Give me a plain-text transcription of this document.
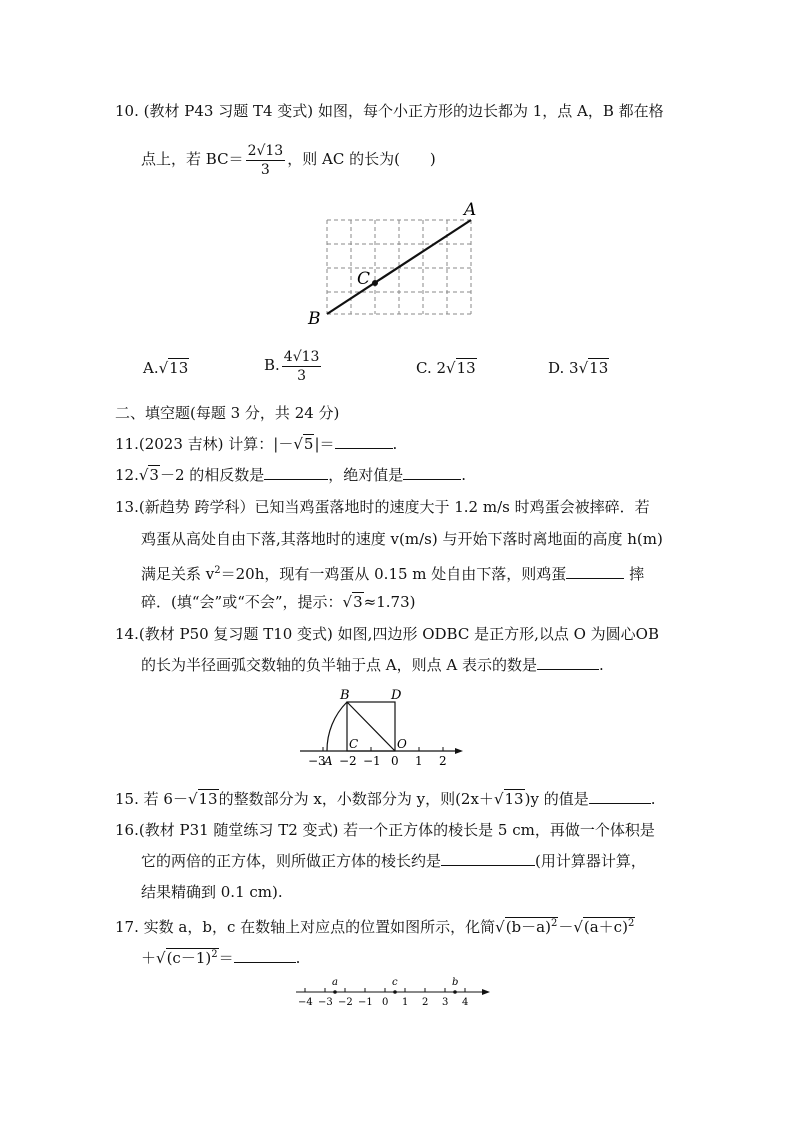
10. (教材 P43 习题 T4 变式) 如图，每个小正方形的边长都为 1，点 A，B 都在格
点上，若 $BC= \frac{2√13}{3}$ ，则 AC 的长为(　　)
A
B
C
A.√13	B. $\frac{4√13}{3}$	C. 2√13	D. 3√13
二、填空题(每题 3 分，共 24 分)
11.(2023 吉林) 计算：|－√5|＝	.
12.√3－2 的相反数是	，绝对值是	.
13.(新趋势 跨学科）已知当鸡蛋落地时的速度大于 1.2 m/s 时鸡蛋会被摔碎．若
鸡蛋从高处自由下落,其落地时的速度 v(m/s) 与开始下落时离地面的高度 h(m)
满足关系 $v^2=20h$，现有一鸡蛋从 0.15 m 处自由下落，则鸡蛋	摔
碎．(填“会”或“不会”，提示：√3≈1.73)
14.(教材 P50 复习题 T10 变式) 如图,四边形 ODBC 是正方形,以点 O 为圆心OB
的长为半径画弧交数轴的负半轴于点 A，则点 A 表示的数是	.
B	D
C	O
−3
A −2 −1 0 1 2
15. 若 6－√13的整数部分为 x，小数部分为 y，则(2x＋√13)y 的值是	.
16.(教材 P31 随堂练习 T2 变式) 若一个正方体的棱长是 5 cm，再做一个体积是
它的两倍的正方体，则所做正方体的棱长约是	(用计算器计算，
结果精确到 0.1 cm).
17. 实数 a，b，c 在数轴上对应点的位置如图所示，化简$√(b-a)^2-√(a+c)^2$
$+√(c-1)^2=$	.
a	c	b
−4 −3 −2 −1 0 1 2 3 4
